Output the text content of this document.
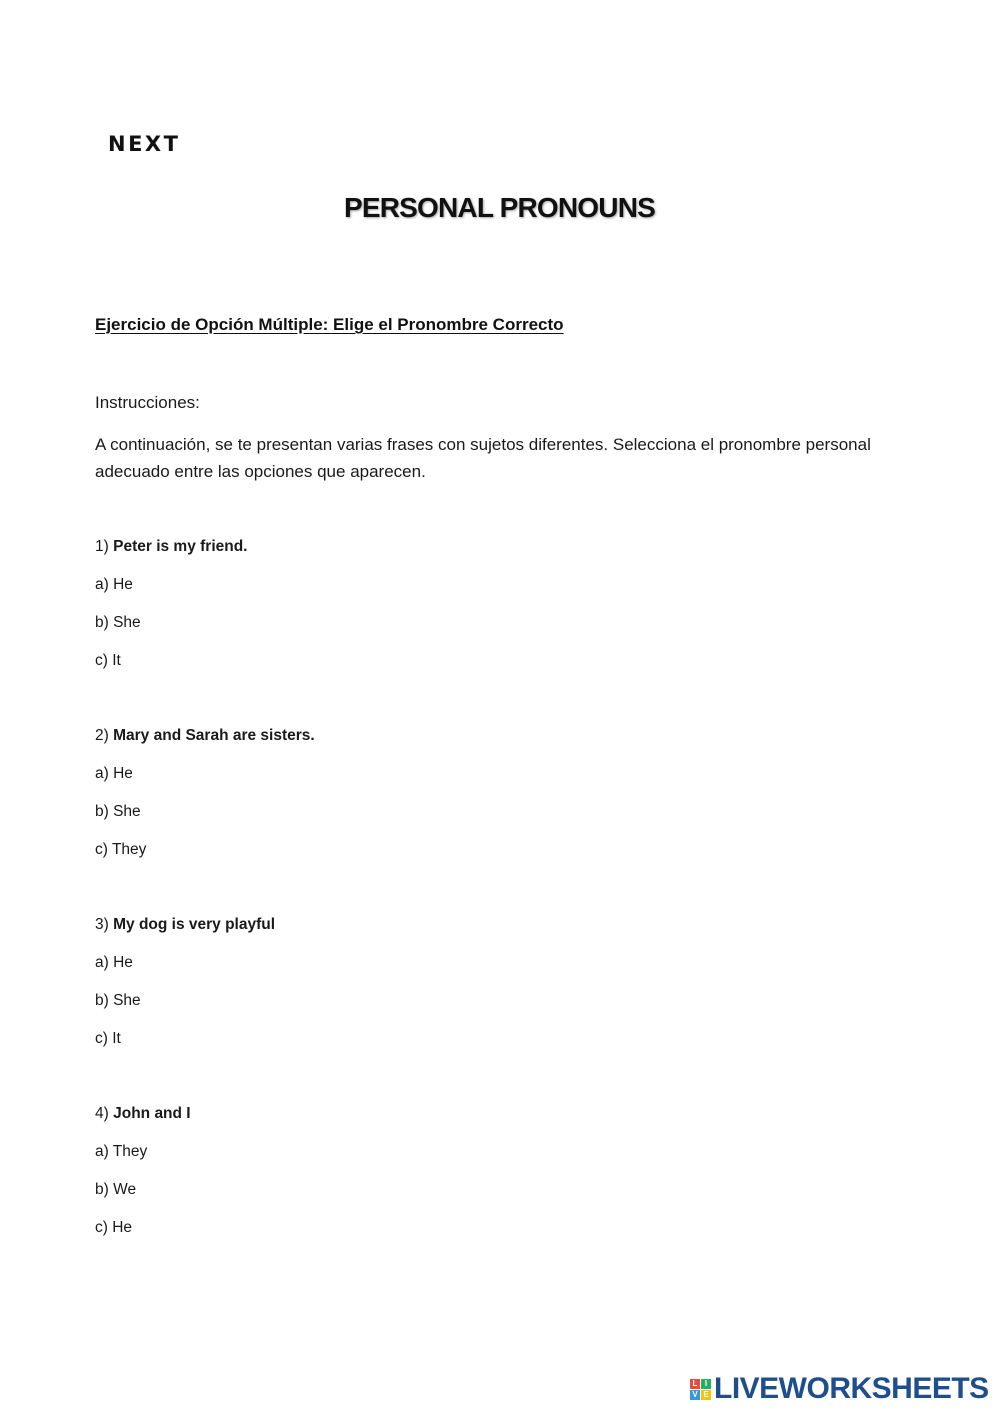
NEXT
PERSONAL PRONOUNS
Ejercicio de Opción Múltiple: Elige el Pronombre Correcto
Instrucciones:
A continuación, se te presentan varias frases con sujetos diferentes. Selecciona el pronombre personal adecuado entre las opciones que aparecen.
1) Peter is my friend.
a) He
b) She
c) It
2) Mary and Sarah are sisters.
a) He
b) She
c) They
3) My dog is very playful
a) He
b) She
c) It
4) John and I
a) They
b) We
c) He
L I
V E LIVEWORKSHEETS
